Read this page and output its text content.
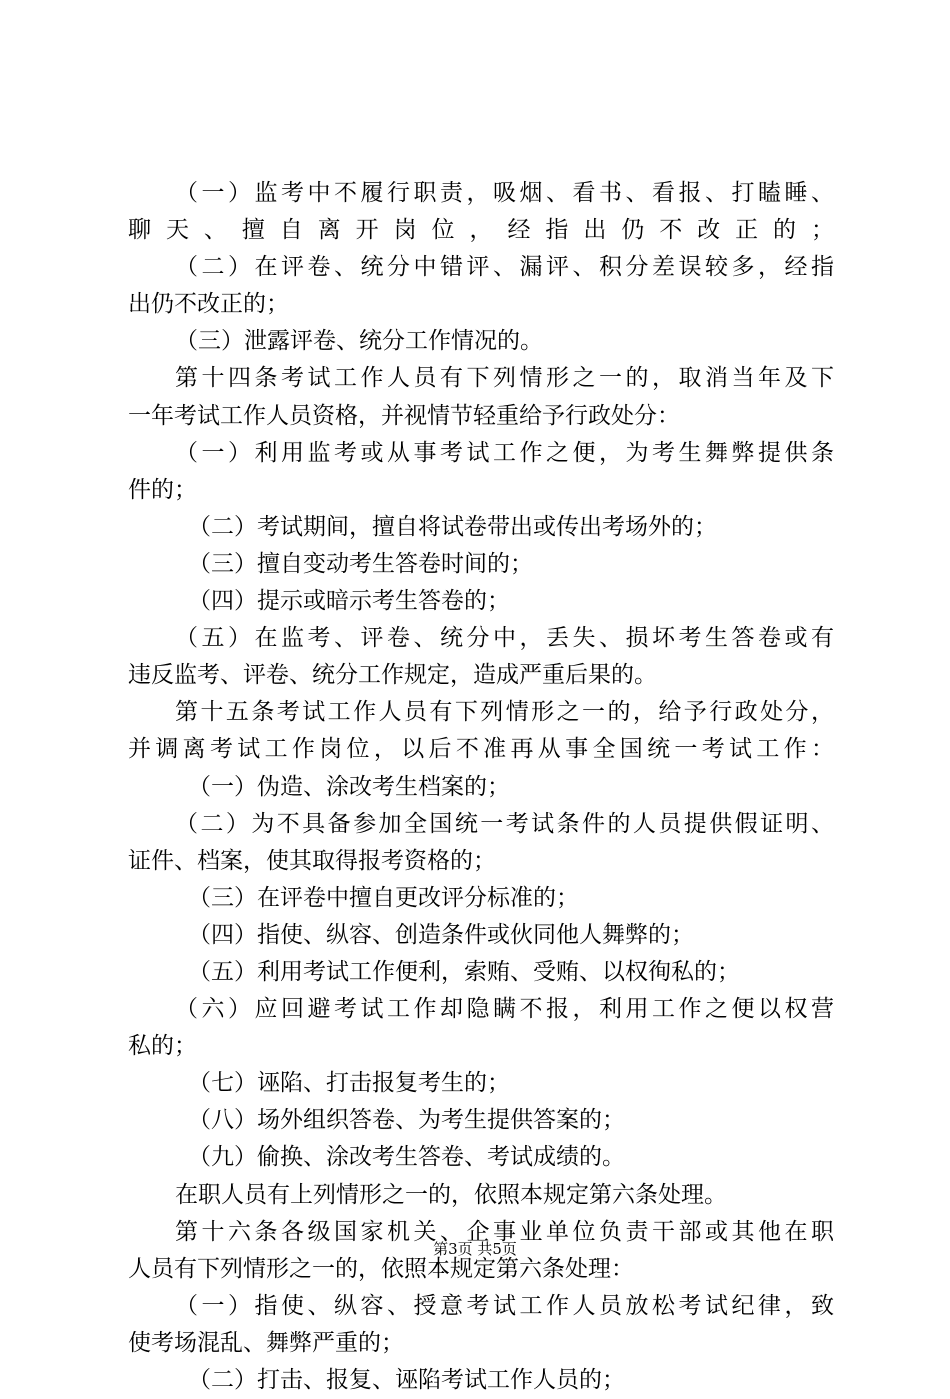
（一）监考中不履行职责，吸烟、看书、看报、打瞌睡、
聊天、擅自离开岗位，经指出仍不改正的；
（二）在评卷、统分中错评、漏评、积分差误较多，经指
出仍不改正的；
（三）泄露评卷、统分工作情况的。
第十四条考试工作人员有下列情形之一的，取消当年及下
一年考试工作人员资格，并视情节轻重给予行政处分：
（一）利用监考或从事考试工作之便，为考生舞弊提供条
件的；
（二）考试期间，擅自将试卷带出或传出考场外的；
（三）擅自变动考生答卷时间的；
（四）提示或暗示考生答卷的；
（五）在监考、评卷、统分中，丢失、损坏考生答卷或有
违反监考、评卷、统分工作规定，造成严重后果的。
第十五条考试工作人员有下列情形之一的，给予行政处分，
并调离考试工作岗位，以后不准再从事全国统一考试工作：
（一）伪造、涂改考生档案的；
（二）为不具备参加全国统一考试条件的人员提供假证明、
证件、档案，使其取得报考资格的；
（三）在评卷中擅自更改评分标准的；
（四）指使、纵容、创造条件或伙同他人舞弊的；
（五）利用考试工作便利，索贿、受贿、以权徇私的；
（六）应回避考试工作却隐瞒不报，利用工作之便以权营
私的；
（七）诬陷、打击报复考生的；
（八）场外组织答卷、为考生提供答案的；
（九）偷换、涂改考生答卷、考试成绩的。
在职人员有上列情形之一的，依照本规定第六条处理。
第十六条各级国家机关、企事业单位负责干部或其他在职
人员有下列情形之一的，依照本规定第六条处理：
（一）指使、纵容、授意考试工作人员放松考试纪律，致
使考场混乱、舞弊严重的；
（二）打击、报复、诬陷考试工作人员的；
第3页 共5页
